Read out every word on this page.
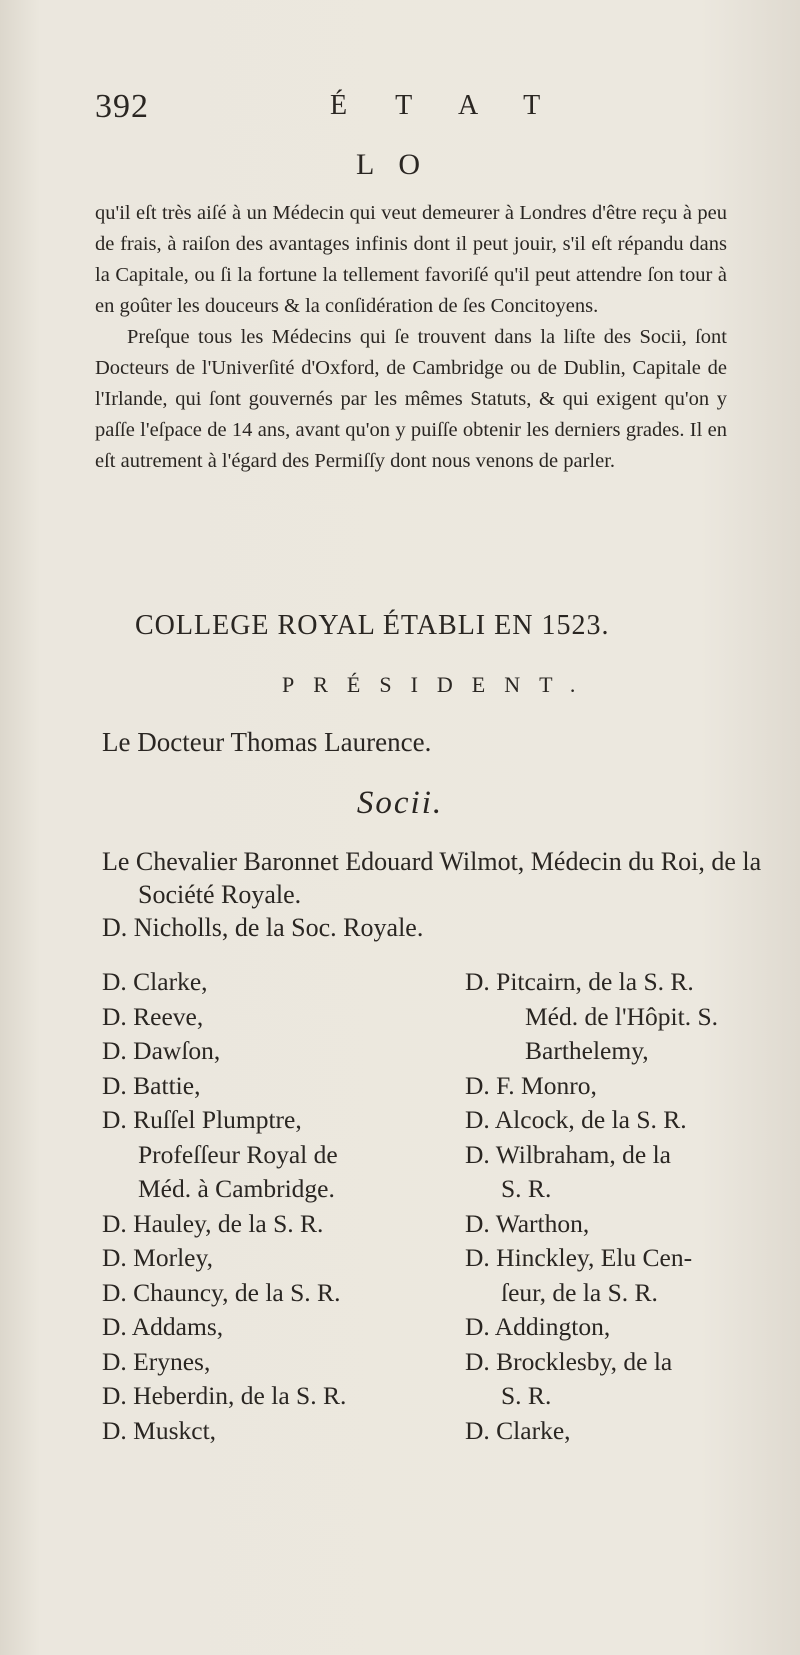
392	ÉTAT
LO

qu'il eſt très aiſé à un Médecin qui veut demeurer à Londres d'être reçu à peu de frais, à raiſon des avantages infinis dont il peut jouir, s'il eſt répandu dans la Capitale, ou ſi la fortune la tellement favoriſé qu'il peut attendre ſon tour à en goûter les douceurs & la conſidération de ſes Concitoyens.

Preſque tous les Médecins qui ſe trouvent dans la liſte des Socii, ſont Docteurs de l'Univerſité d'Oxford, de Cambridge ou de Dublin, Capitale de l'Irlande, qui ſont gouvernés par les mêmes Statuts, & qui exigent qu'on y paſſe l'eſpace de 14 ans, avant qu'on y puiſſe obtenir les derniers grades. Il en eſt autrement à l'égard des Permiſſy dont nous venons de parler.

COLLEGE ROYAL ÉTABLI EN 1523.
PRÉSIDENT.
Le Docteur Thomas Laurence.
Socii.

Le Chevalier Baronnet Edouard Wilmot, Médecin du Roi, de la Société Royale.

D. Nicholls, de la Soc. Royale.

D. Clarke,
D. Reeve,
D. Dawſon,
D. Battie,
D. Ruſſel Plumptre,
Profeſſeur Royal de
Méd. à Cambridge.
D. Hauley, de la S. R.
D. Morley,
D. Chauncy, de la S. R.
D. Addams,
D. Erynes,
D. Heberdin, de la S. R.
D. Muskct,
D. Pitcairn, de la S. R.
Méd. de l'Hôpit. S.
Barthelemy,
D. F. Monro,
D. Alcock, de la S. R.
D. Wilbraham, de la
S. R.
D. Warthon,
D. Hinckley, Elu Cen-
ſeur, de la S. R.
D. Addington,
D. Brocklesby, de la
S. R.
D. Clarke,
